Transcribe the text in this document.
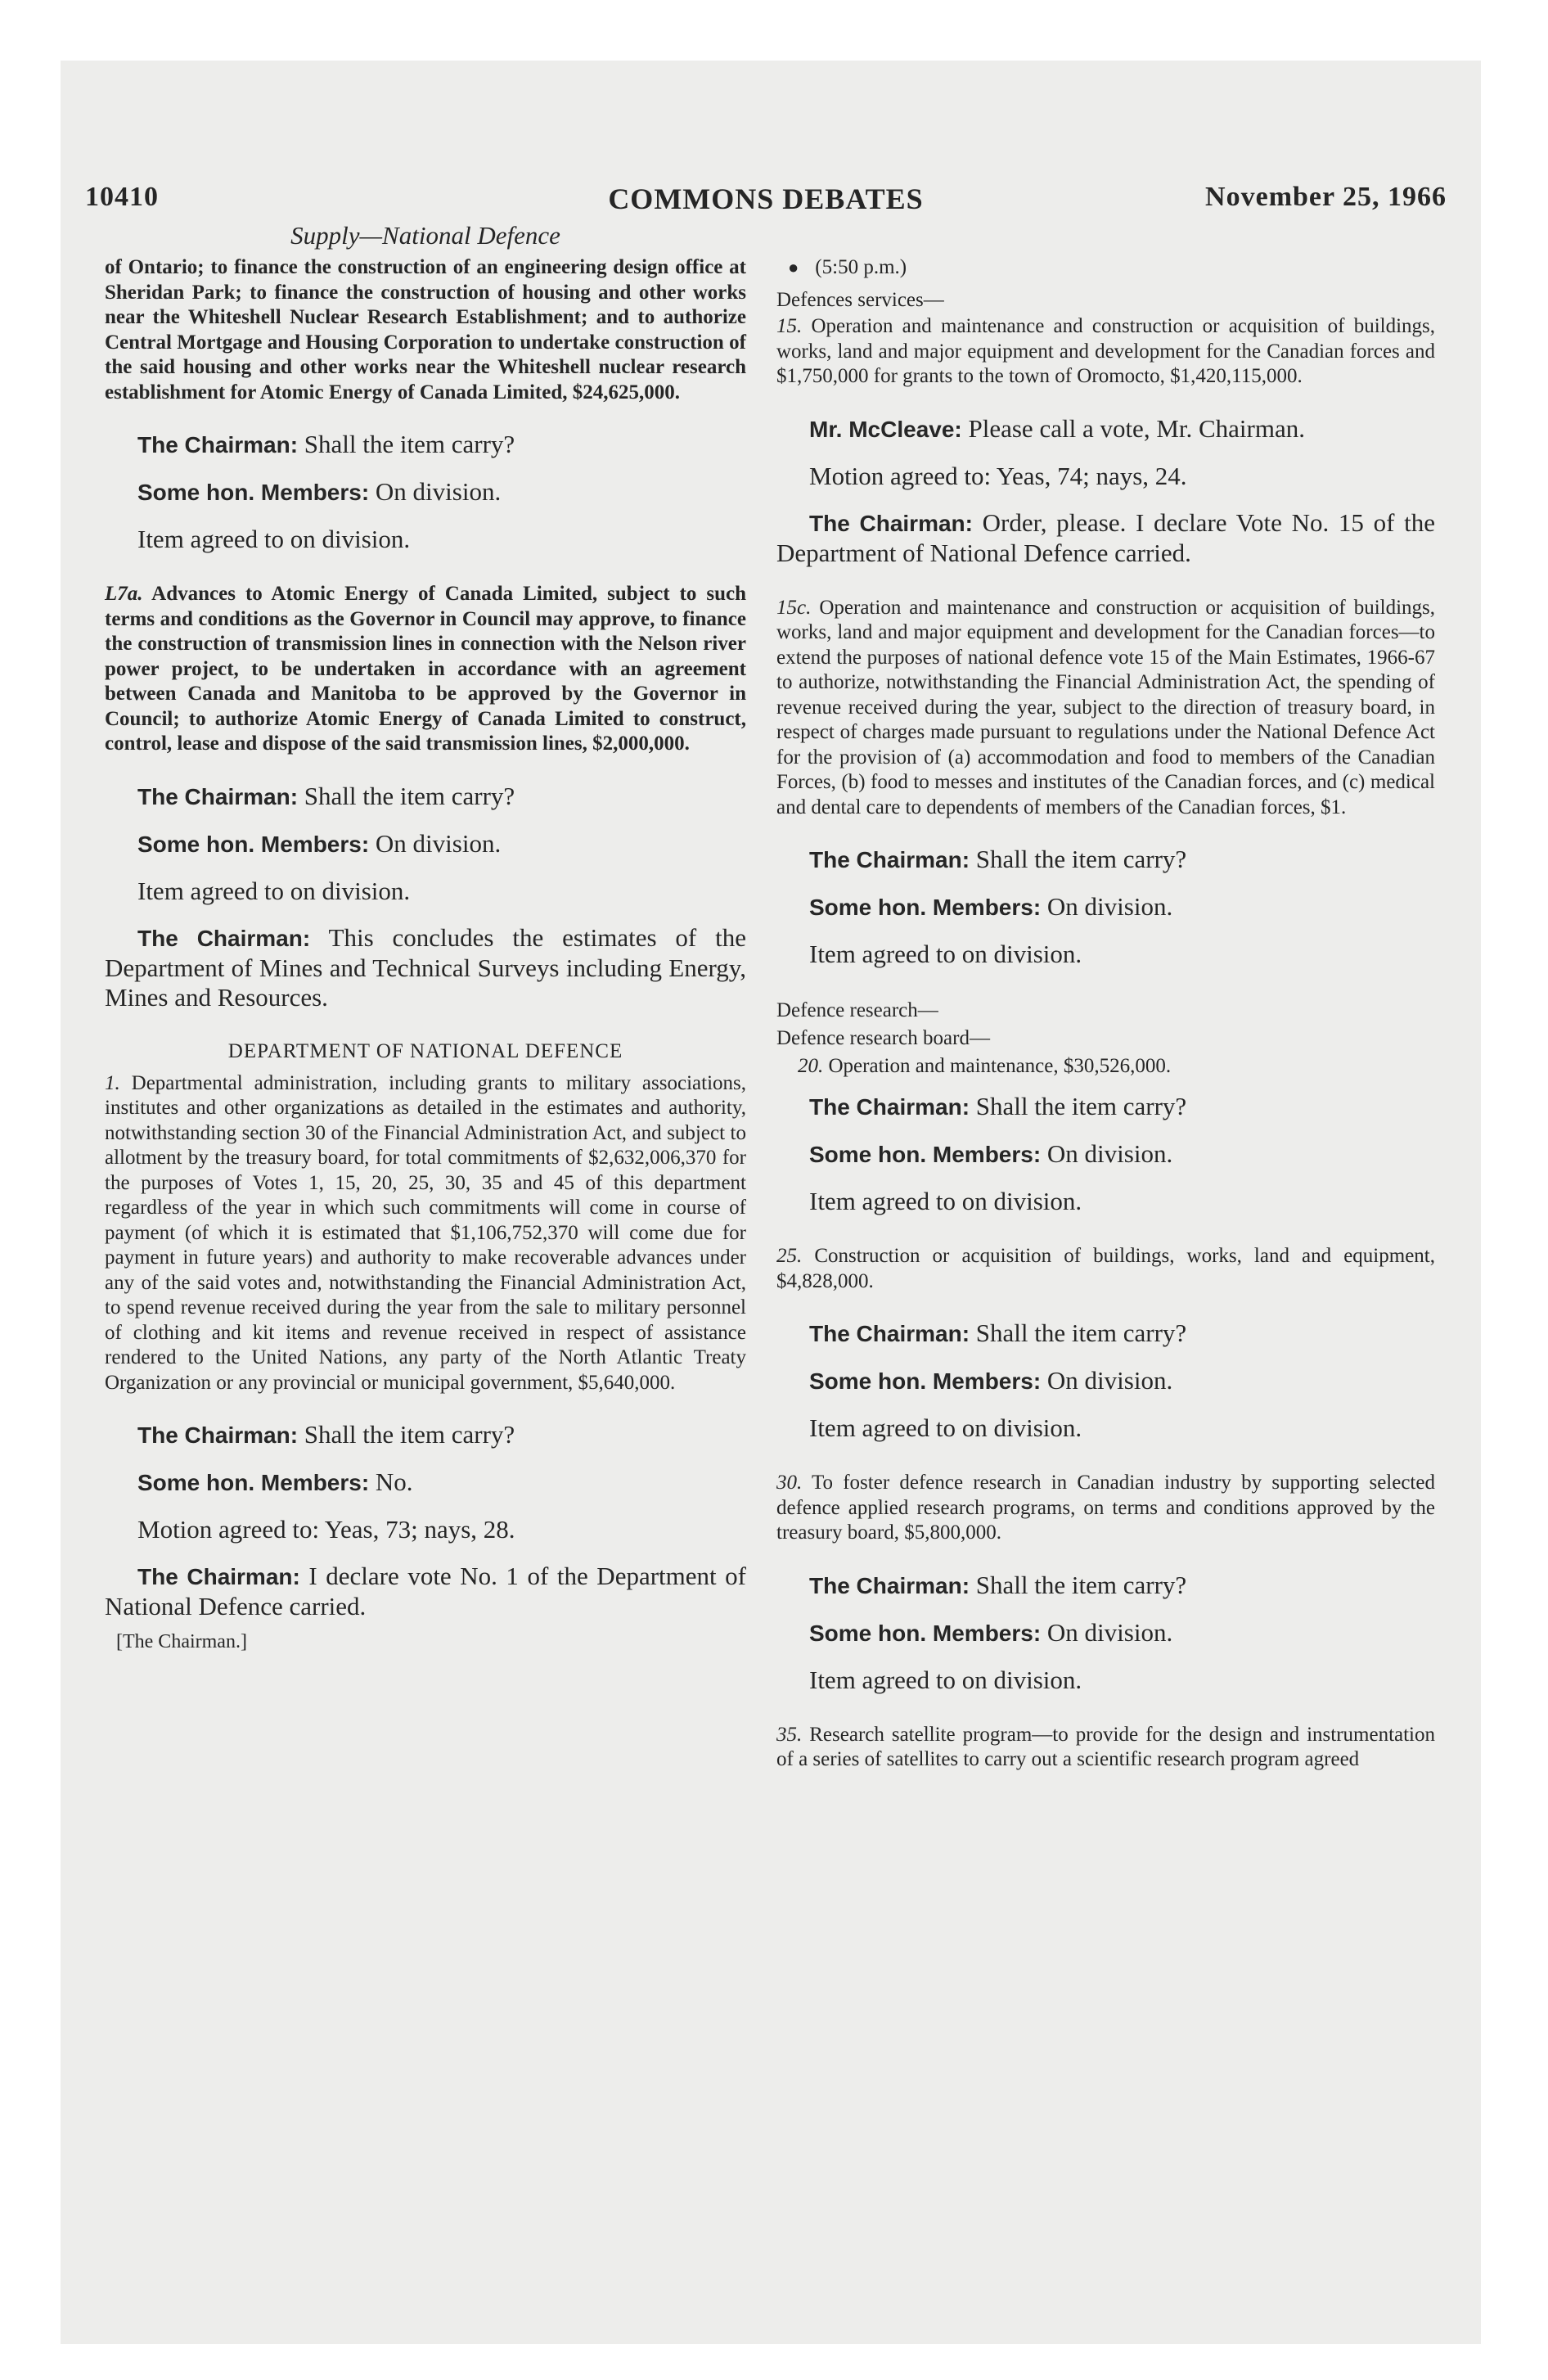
10410	COMMONS DEBATES	November 25, 1966
Supply—National Defence

of Ontario; to finance the construction of an engineering design office at Sheridan Park; to finance the construction of housing and other works near the Whiteshell Nuclear Research Establishment; and to authorize Central Mortgage and Housing Corporation to undertake construction of the said housing and other works near the Whiteshell nuclear research establishment for Atomic Energy of Canada Limited, $24,625,000.

The Chairman: Shall the item carry?

Some hon. Members: On division.

Item agreed to on division.

L7a. Advances to Atomic Energy of Canada Limited, subject to such terms and conditions as the Governor in Council may approve, to finance the construction of transmission lines in connection with the Nelson river power project, to be undertaken in accordance with an agreement between Canada and Manitoba to be approved by the Governor in Council; to authorize Atomic Energy of Canada Limited to construct, control, lease and dispose of the said transmission lines, $2,000,000.

The Chairman: Shall the item carry?

Some hon. Members: On division.

Item agreed to on division.

The Chairman: This concludes the estimates of the Department of Mines and Technical Surveys including Energy, Mines and Resources.

DEPARTMENT OF NATIONAL DEFENCE

1. Departmental administration, including grants to military associations, institutes and other organizations as detailed in the estimates and authority, notwithstanding section 30 of the Financial Administration Act, and subject to allotment by the treasury board, for total commitments of $2,632,006,370 for the purposes of Votes 1, 15, 20, 25, 30, 35 and 45 of this department regardless of the year in which such commitments will come in course of payment (of which it is estimated that $1,106,752,370 will come due for payment in future years) and authority to make recoverable advances under any of the said votes and, notwithstanding the Financial Administration Act, to spend revenue received during the year from the sale to military personnel of clothing and kit items and revenue received in respect of assistance rendered to the United Nations, any party of the North Atlantic Treaty Organization or any provincial or municipal government, $5,640,000.

The Chairman: Shall the item carry?

Some hon. Members: No.

Motion agreed to: Yeas, 73; nays, 28.

The Chairman: I declare vote No. 1 of the Department of National Defence carried.

[The Chairman.]

● (5:50 p.m.)

Defences services—

15. Operation and maintenance and construction or acquisition of buildings, works, land and major equipment and development for the Canadian forces and $1,750,000 for grants to the town of Oromocto, $1,420,115,000.

Mr. McCleave: Please call a vote, Mr. Chairman.

Motion agreed to: Yeas, 74; nays, 24.

The Chairman: Order, please. I declare Vote No. 15 of the Department of National Defence carried.

15c. Operation and maintenance and construction or acquisition of buildings, works, land and major equipment and development for the Canadian forces—to extend the purposes of national defence vote 15 of the Main Estimates, 1966-67 to authorize, notwithstanding the Financial Administration Act, the spending of revenue received during the year, subject to the direction of treasury board, in respect of charges made pursuant to regulations under the National Defence Act for the provision of (a) accommodation and food to members of the Canadian Forces, (b) food to messes and institutes of the Canadian forces, and (c) medical and dental care to dependents of members of the Canadian forces, $1.

The Chairman: Shall the item carry?

Some hon. Members: On division.

Item agreed to on division.

Defence research—

Defence research board—

20. Operation and maintenance, $30,526,000.

The Chairman: Shall the item carry?

Some hon. Members: On division.

Item agreed to on division.

25. Construction or acquisition of buildings, works, land and equipment, $4,828,000.

The Chairman: Shall the item carry?

Some hon. Members: On division.

Item agreed to on division.

30. To foster defence research in Canadian industry by supporting selected defence applied research programs, on terms and conditions approved by the treasury board, $5,800,000.

The Chairman: Shall the item carry?

Some hon. Members: On division.

Item agreed to on division.

35. Research satellite program—to provide for the design and instrumentation of a series of satellites to carry out a scientific research program agreed
